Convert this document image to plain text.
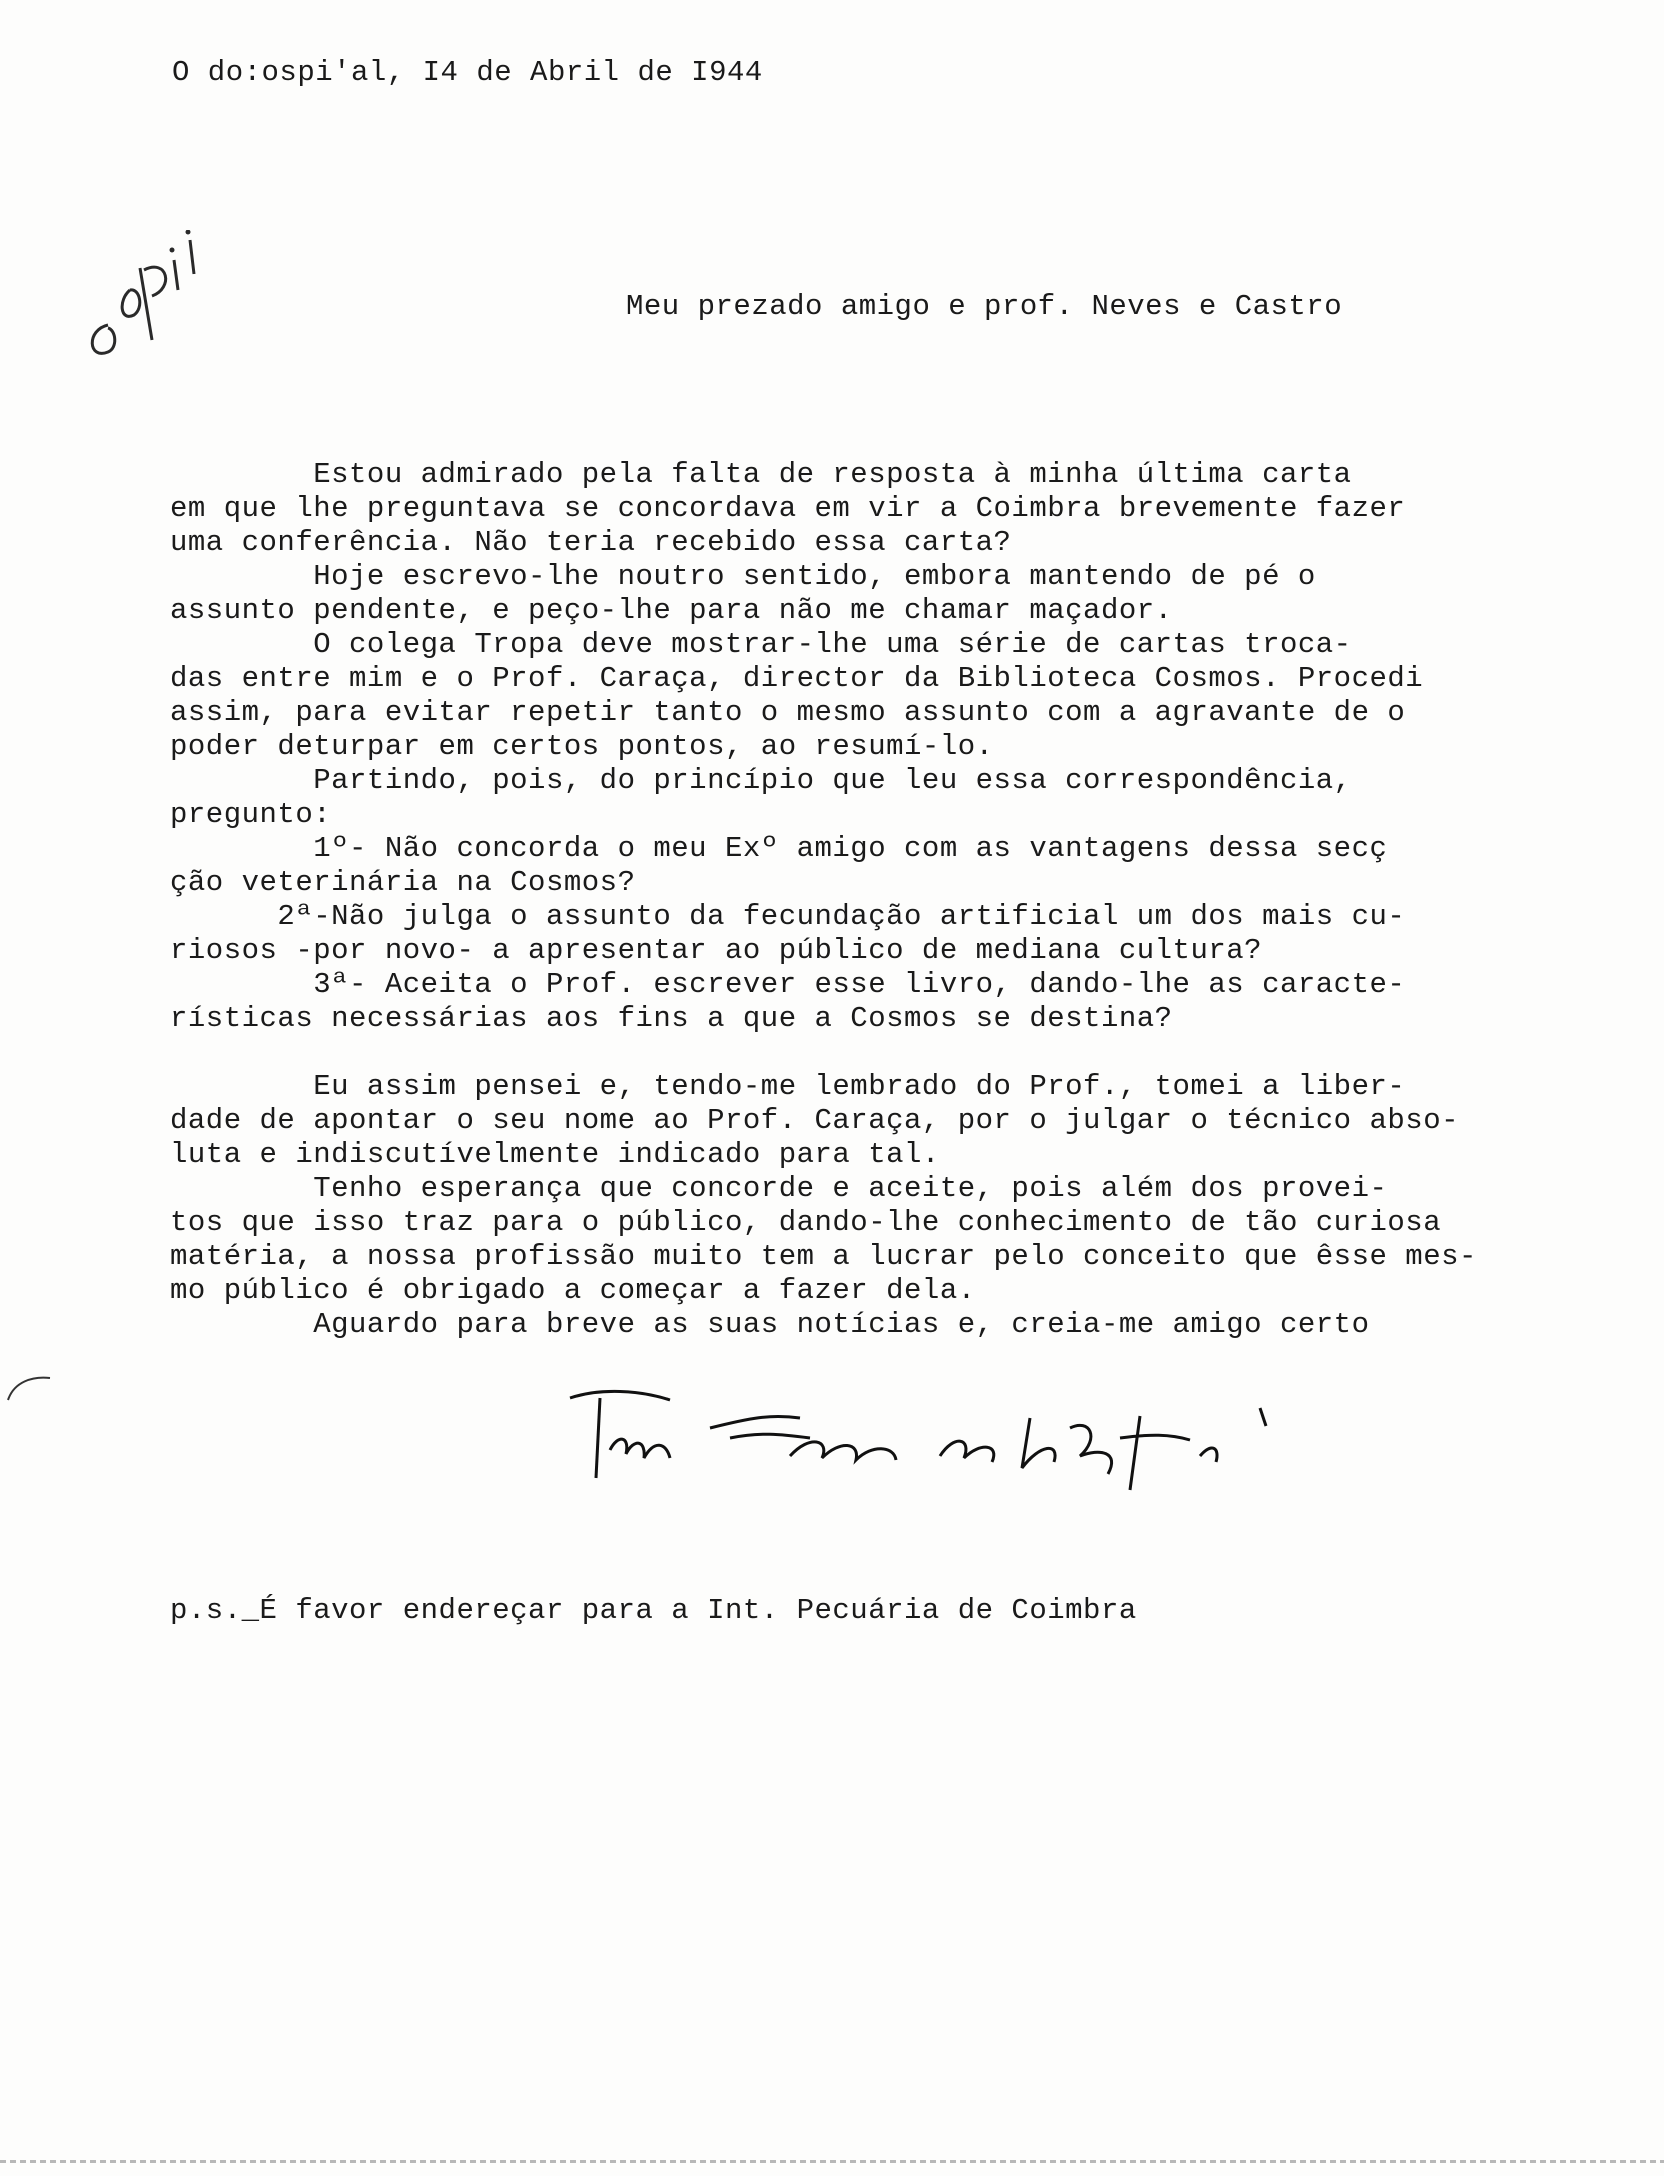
O do:ospi'al, I4 de Abril de I944
Meu prezado amigo e prof. Neves e Castro
Estou admirado pela falta de resposta à minha última carta
em que lhe preguntava se concordava em vir a Coimbra brevemente fazer
uma conferência. Não teria recebido essa carta?
Hoje escrevo-lhe noutro sentido, embora mantendo de pé o
assunto pendente, e peço-lhe para não me chamar maçador.
O colega Tropa deve mostrar-lhe uma série de cartas troca-
das entre mim e o Prof. Caraça, director da Biblioteca Cosmos. Procedi
assim, para evitar repetir tanto o mesmo assunto com a agravante de o
poder deturpar em certos pontos, ao resumí-lo.
Partindo, pois, do princípio que leu essa correspondência,
pregunto:
1º- Não concorda o meu Exº amigo com as vantagens dessa secç
ção veterinária na Cosmos?
2ª-Não julga o assunto da fecundação artificial um dos mais cu-
riosos -por novo- a apresentar ao público de mediana cultura?
3ª- Aceita o Prof. escrever esse livro, dando-lhe as caracte-
rísticas necessárias aos fins a que a Cosmos se destina?
Eu assim pensei e, tendo-me lembrado do Prof., tomei a liber-
dade de apontar o seu nome ao Prof. Caraça, por o julgar o técnico abso-
luta e indiscutívelmente indicado para tal.
Tenho esperança que concorde e aceite, pois além dos provei-
tos que isso traz para o público, dando-lhe conhecimento de tão curiosa
matéria, a nossa profissão muito tem a lucrar pelo conceito que êsse mes-
mo público é obrigado a começar a fazer dela.
Aguardo para breve as suas notícias e, creia-me amigo certo
p.s._É favor endereçar para a Int. Pecuária de Coimbra
